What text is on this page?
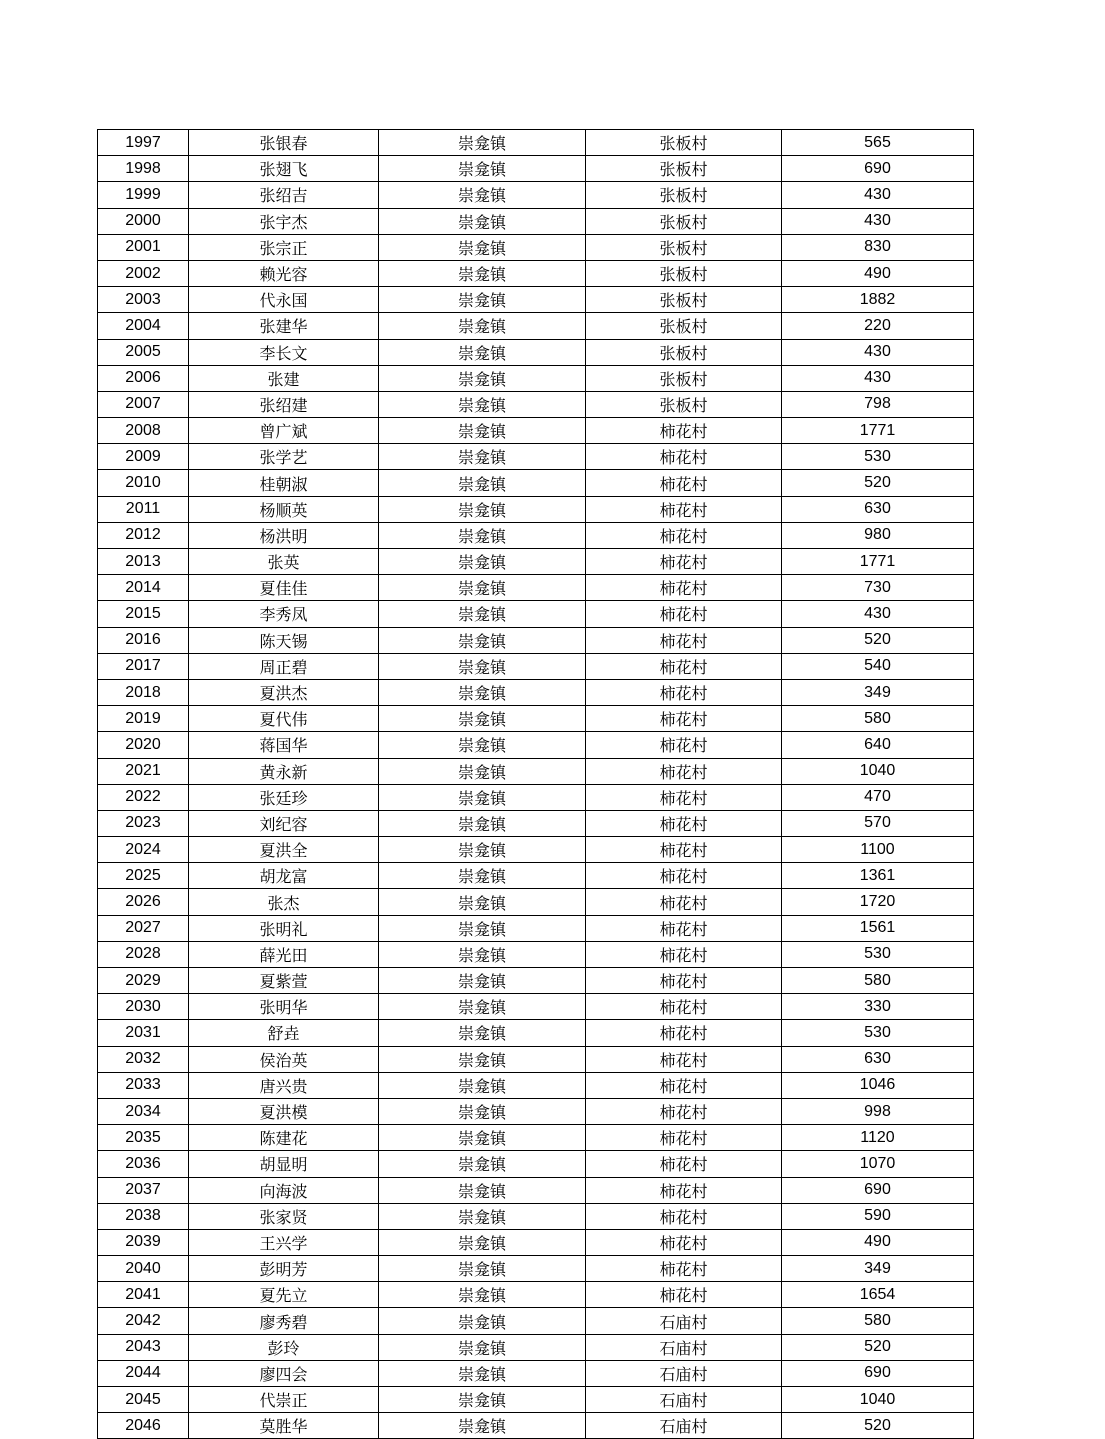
1997	张银春	崇龛镇	张板村	565
1998	张翅飞	崇龛镇	张板村	690
1999	张绍吉	崇龛镇	张板村	430
2000	张宇杰	崇龛镇	张板村	430
2001	张宗正	崇龛镇	张板村	830
2002	赖光容	崇龛镇	张板村	490
2003	代永国	崇龛镇	张板村	1882
2004	张建华	崇龛镇	张板村	220
2005	李长文	崇龛镇	张板村	430
2006	张建	崇龛镇	张板村	430
2007	张绍建	崇龛镇	张板村	798
2008	曾广斌	崇龛镇	柿花村	1771
2009	张学艺	崇龛镇	柿花村	530
2010	桂朝淑	崇龛镇	柿花村	520
2011	杨顺英	崇龛镇	柿花村	630
2012	杨洪明	崇龛镇	柿花村	980
2013	张英	崇龛镇	柿花村	1771
2014	夏佳佳	崇龛镇	柿花村	730
2015	李秀凤	崇龛镇	柿花村	430
2016	陈天锡	崇龛镇	柿花村	520
2017	周正碧	崇龛镇	柿花村	540
2018	夏洪杰	崇龛镇	柿花村	349
2019	夏代伟	崇龛镇	柿花村	580
2020	蒋国华	崇龛镇	柿花村	640
2021	黄永新	崇龛镇	柿花村	1040
2022	张廷珍	崇龛镇	柿花村	470
2023	刘纪容	崇龛镇	柿花村	570
2024	夏洪全	崇龛镇	柿花村	1100
2025	胡龙富	崇龛镇	柿花村	1361
2026	张杰	崇龛镇	柿花村	1720
2027	张明礼	崇龛镇	柿花村	1561
2028	薛光田	崇龛镇	柿花村	530
2029	夏紫萱	崇龛镇	柿花村	580
2030	张明华	崇龛镇	柿花村	330
2031	舒垚	崇龛镇	柿花村	530
2032	侯治英	崇龛镇	柿花村	630
2033	唐兴贵	崇龛镇	柿花村	1046
2034	夏洪模	崇龛镇	柿花村	998
2035	陈建花	崇龛镇	柿花村	1120
2036	胡显明	崇龛镇	柿花村	1070
2037	向海波	崇龛镇	柿花村	690
2038	张家贤	崇龛镇	柿花村	590
2039	王兴学	崇龛镇	柿花村	490
2040	彭明芳	崇龛镇	柿花村	349
2041	夏先立	崇龛镇	柿花村	1654
2042	廖秀碧	崇龛镇	石庙村	580
2043	彭玲	崇龛镇	石庙村	520
2044	廖四会	崇龛镇	石庙村	690
2045	代崇正	崇龛镇	石庙村	1040
2046	莫胜华	崇龛镇	石庙村	520
